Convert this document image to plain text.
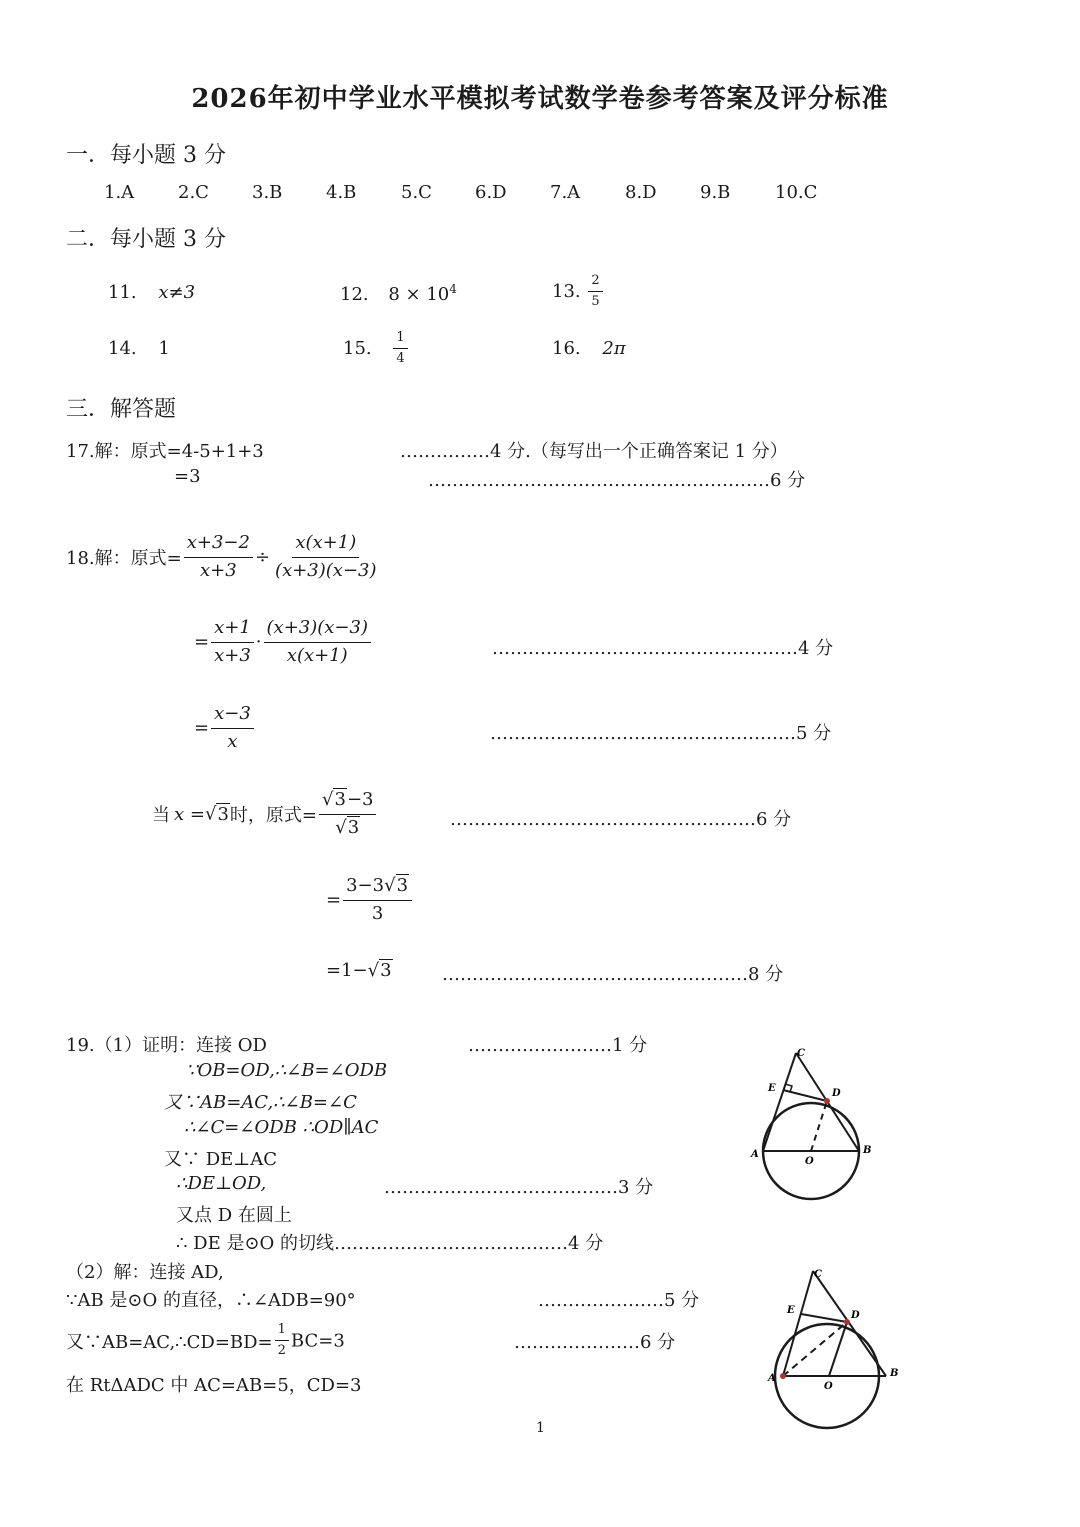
2026年初中学业水平模拟考试数学卷参考答案及评分标准
一．每小题 3 分
1.A 2.C 3.B 4.B 5.C 6.D 7.A 8.D 9.B 10.C
二．每小题 3 分
11. x≠3	12. $8 \times 10^4$	13. $\frac{2}{5}$
14. 1	15. $\frac{1}{4}$	16. 2π
三．解答题
17.解：原式=4-5+1+3	……………4 分.（每写出一个正确答案记 1 分）
=3	…………………………………………………6 分
18.解：原式= $\frac{x+3-2}{x+3} \div \frac{x(x+1)}{(x+3)(x-3)}$
= $\frac{x+1}{x+3} \cdot \frac{(x+3)(x-3)}{x(x+1)}$	……………………………………………4 分
= $\frac{x-3}{x}$	……………………………………………5 分
当 x =√3时，原式= $\frac{√3-3}{√3}$	……………………………………………6 分
= $\frac{3-3√3}{3}$
=1−√3	……………………………………………8 分
19.（1）证明：连接 OD	……………………1 分
∵OB=OD,∴∠B=∠ODB
又∵AB=AC,∴∠B=∠C
∴∠C=∠ODB ∴OD∥AC
又∵ DE⊥AC
∴DE⊥OD,	…………………………………3 分
又点 D 在圆上
∴ DE 是⊙O 的切线…………………………………4 分
（2）解：连接 AD,
∵AB 是⊙O 的直径，∴∠ADB=90°	…………………5 分
又∵AB=AC,∴CD=BD= $\frac{1}{2} BC=3$	…………………6 分
在 RtΔADC 中 AC=AB=5，CD=3
C
E	D
A
O
B
C
E	D
A
O
B
1
